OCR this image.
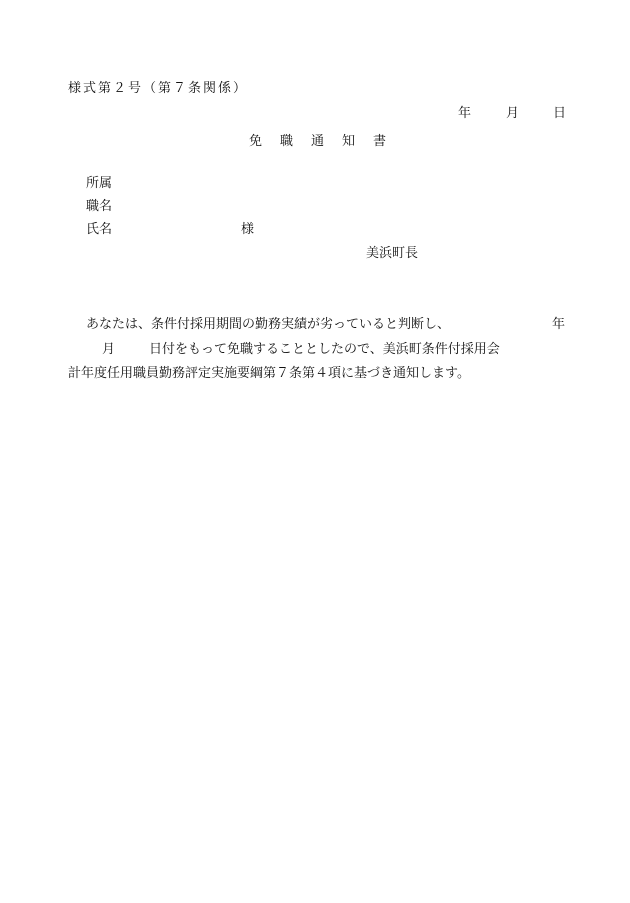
様式第２号（第７条関係）
年	月	日
免 職 通 知 書
所属
職名
氏名	様
美浜町長
あなたは、条件付採用期間の勤務実績が劣っていると判断し、	年
月	日付をもって免職することとしたので、美浜町条件付採用会
計年度任用職員勤務評定実施要綱第７条第４項に基づき通知します。
